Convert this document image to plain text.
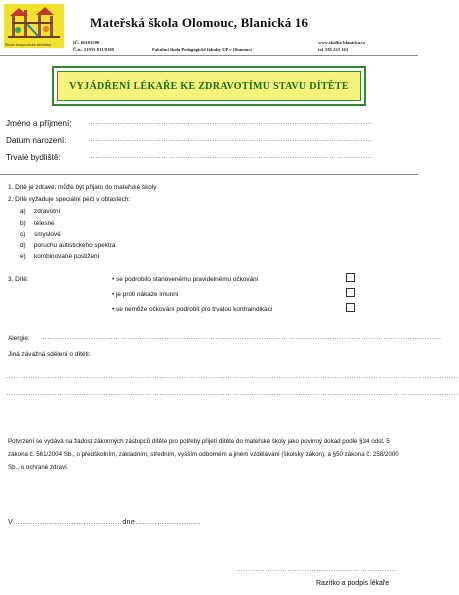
Školní terapeutické středisko
Mateřská škola Olomouc, Blanická 16
IČ: 66181500
Č.ú.: 21933-811/0100	Fakultní škola Pedagogické fakulty UP v Olomouci
www.skolka-blanicka.cz
tel. 585 223 163
VYJÁDŘENÍ LÉKAŘE KE ZDRAVOTÍMU STAVU DÍTĚTE
Jméno a příjmení: ………………………………………………………………………………………………………
Datum narození:	………………………………………………………………………………………………………
Trvalé bydliště:	………………………………………………………………………………………………………
1. Dítě je zdravé, může být přijato do mateřské školy
2. Dítě vyžaduje speciální péči v oblastech:
a) zdravotní
b) tělesné
c) smyslové
d) poruchu autistického spektra
e) kombinované postižení
3. Dítě:	• se podrobilo stanovenému pravidelnému očkování
• je proti nákaze imunní
• se nemůže očkování podrobit pro trvalou kontraindikaci
Alergie: …………………………………………………………………………………………………………………………………………………
Jiná závažná sdělení o dítěti:
……………………………………………………………………………………………………………………………………………………………………
……………………………………………………………………………………………………………………………………………………………………
Potvrzení se vydává na žádost zákonných zástupců dítěte pro potřeby přijetí dítěte do mateřské školy jako povinný dokad podle §34 odst. 5 zákona č. 561/2004 Sb., o předškolním, základním, středním, vyšším odborném a jiném vzdělávání (školský zákon), a §50 zákona č. 258/2000 Sb., o ochraně zdraví.
V………………………………………dne………………………
…………………………………………………………
Razítko a podpis lékaře
